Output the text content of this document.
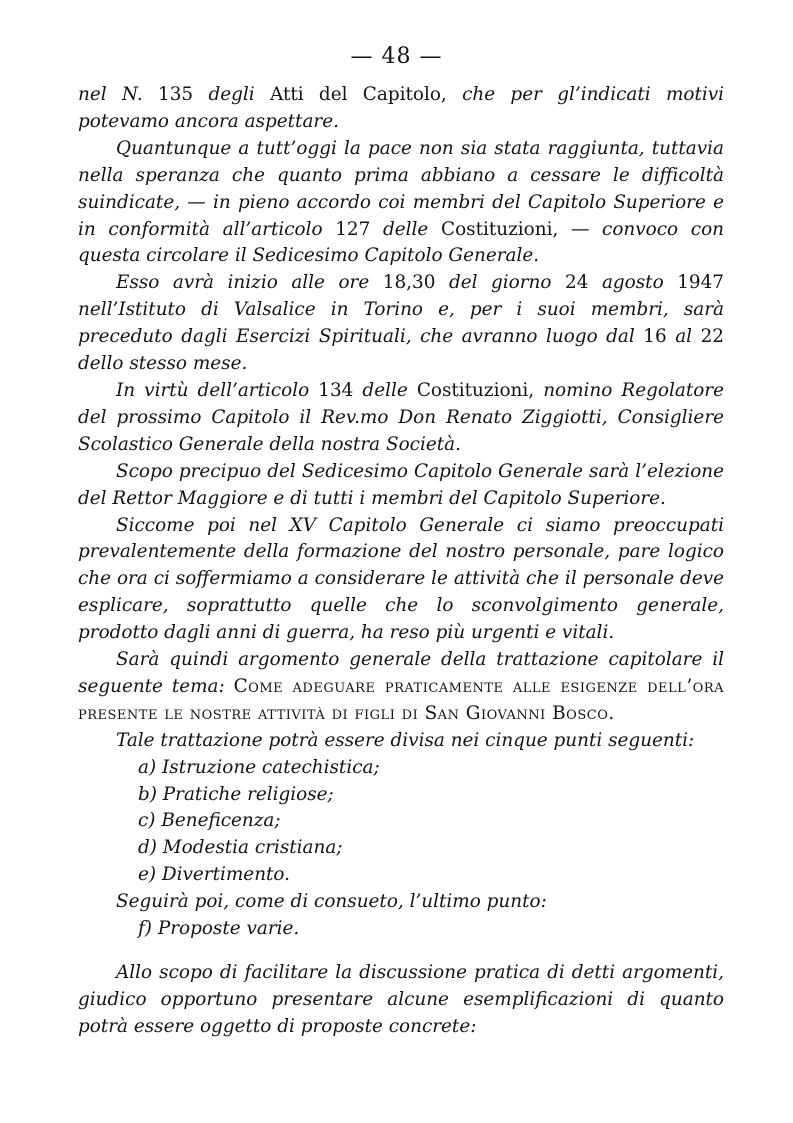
— 48 —

nel N. 135 degli Atti del Capitolo, che per gl’indicati motivi potevamo ancora aspettare.

Quantunque a tutt’oggi la pace non sia stata raggiunta, tuttavia nella speranza che quanto prima abbiano a cessare le difficoltà suindicate, — in pieno accordo coi membri del Capitolo Superiore e in conformità all’articolo 127 delle Costituzioni, — convoco con questa circolare il Sedicesimo Capitolo Generale.

Esso avrà inizio alle ore 18,30 del giorno 24 agosto 1947 nell’Istituto di Valsalice in Torino e, per i suoi membri, sarà preceduto dagli Esercizi Spirituali, che avranno luogo dal 16 al 22 dello stesso mese.

In virtù dell’articolo 134 delle Costituzioni, nomino Regolatore del prossimo Capitolo il Rev.mo Don Renato Ziggiotti, Consigliere Scolastico Generale della nostra Società.

Scopo precipuo del Sedicesimo Capitolo Generale sarà l’elezione del Rettor Maggiore e di tutti i membri del Capitolo Superiore.

Siccome poi nel XV Capitolo Generale ci siamo preoccupati prevalentemente della formazione del nostro personale, pare logico che ora ci soffermiamo a considerare le attività che il personale deve esplicare, soprattutto quelle che lo sconvolgimento generale, prodotto dagli anni di guerra, ha reso più urgenti e vitali.

Sarà quindi argomento generale della trattazione capitolare il seguente tema: Come adeguare praticamente alle esigenze dell’ora presente le nostre attività di figli di San Giovanni Bosco.

Tale trattazione potrà essere divisa nei cinque punti seguenti:

a) Istruzione catechistica;
b) Pratiche religiose;
c) Beneficenza;
d) Modestia cristiana;
e) Divertimento.

Seguirà poi, come di consueto, l’ultimo punto:

f) Proposte varie.

Allo scopo di facilitare la discussione pratica di detti argomenti, giudico opportuno presentare alcune esemplificazioni di quanto potrà essere oggetto di proposte concrete:
